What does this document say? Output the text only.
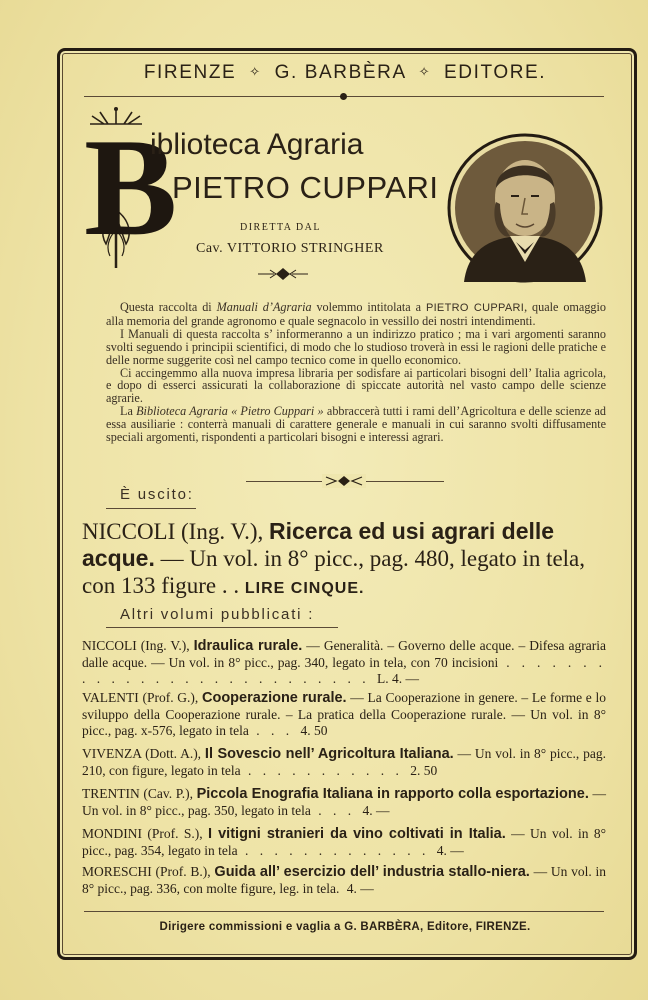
FIRENZE ✧ G. BARBÈRA ✧ EDITORE.
B
iblioteca Agraria
PIETRO CUPPARI
DIRETTA DAL
Cav. VITTORIO STRINGHER

Questa raccolta di Manuali d’Agraria volemmo intitolata a PIETRO CUPPARI, quale omaggio alla memoria del grande agronomo e quale segnacolo in vessillo dei nostri intendimenti.

I Manuali di questa raccolta s’ informeranno a un indirizzo pratico ; ma i vari argomenti saranno svolti seguendo i principii scientifici, di modo che lo studioso troverà in essi le ragioni delle pratiche e delle norme suggerite così nel campo tecnico come in quello economico.

Ci accingemmo alla nuova impresa libraria per sodisfare ai particolari bisogni dell’ Italia agricola, e dopo di esserci assicurati la collaborazione di spiccate autorità nel vasto campo delle scienze agrarie.

La Biblioteca Agraria « Pietro Cuppari » abbraccerà tutti i rami dell’Agricoltura e delle scienze ad essa ausiliarie : conterrà manuali di carattere generale e manuali in cui saranno svolti diffusamente speciali argomenti, rispondenti a particolari bisogni e interessi agrari.

È uscito:
NICCOLI (Ing. V.), Ricerca ed usi agrari delle acque. — Un vol. in 8° picc., pag. 480, legato in tela, con 133 figure . . LIRE CINQUE.
Altri volumi pubblicati :
NICCOLI (Ing. V.), Idraulica rurale. — Generalità. – Governo delle acque. – Difesa agraria dalle acque. — Un vol. in 8° picc., pag. 340, legato in tela, con 70 incisioni . . . . . . . . . . . . . . . . . . . . . . . . . . . L. 4. —
VALENTI (Prof. G.), Cooperazione rurale. — La Cooperazione in genere. – Le forme e lo sviluppo della Cooperazione rurale. – La pratica della Cooperazione rurale. — Un vol. in 8° picc., pag. x-576, legato in tela . . . 4. 50
VIVENZA (Dott. A.), Il Sovescio nell’ Agricoltura Italiana. — Un vol. in 8° picc., pag. 210, con figure, legato in tela . . . . . . . . . . . 2. 50
TRENTIN (Cav. P.), Piccola Enografia Italiana in rapporto colla esportazione. — Un vol. in 8° picc., pag. 350, legato in tela . . . 4. —
MONDINI (Prof. S.), I vitigni stranieri da vino coltivati in Italia. — Un vol. in 8° picc., pag. 354, legato in tela . . . . . . . . . . . . . 4. —
MORESCHI (Prof. B.), Guida all’ esercizio dell’ industria stallo-niera. — Un vol. in 8° picc., pag. 336, con molte figure, leg. in tela. 4. —
Dirigere commissioni e vaglia a G. BARBÈRA, Editore, FIRENZE.
